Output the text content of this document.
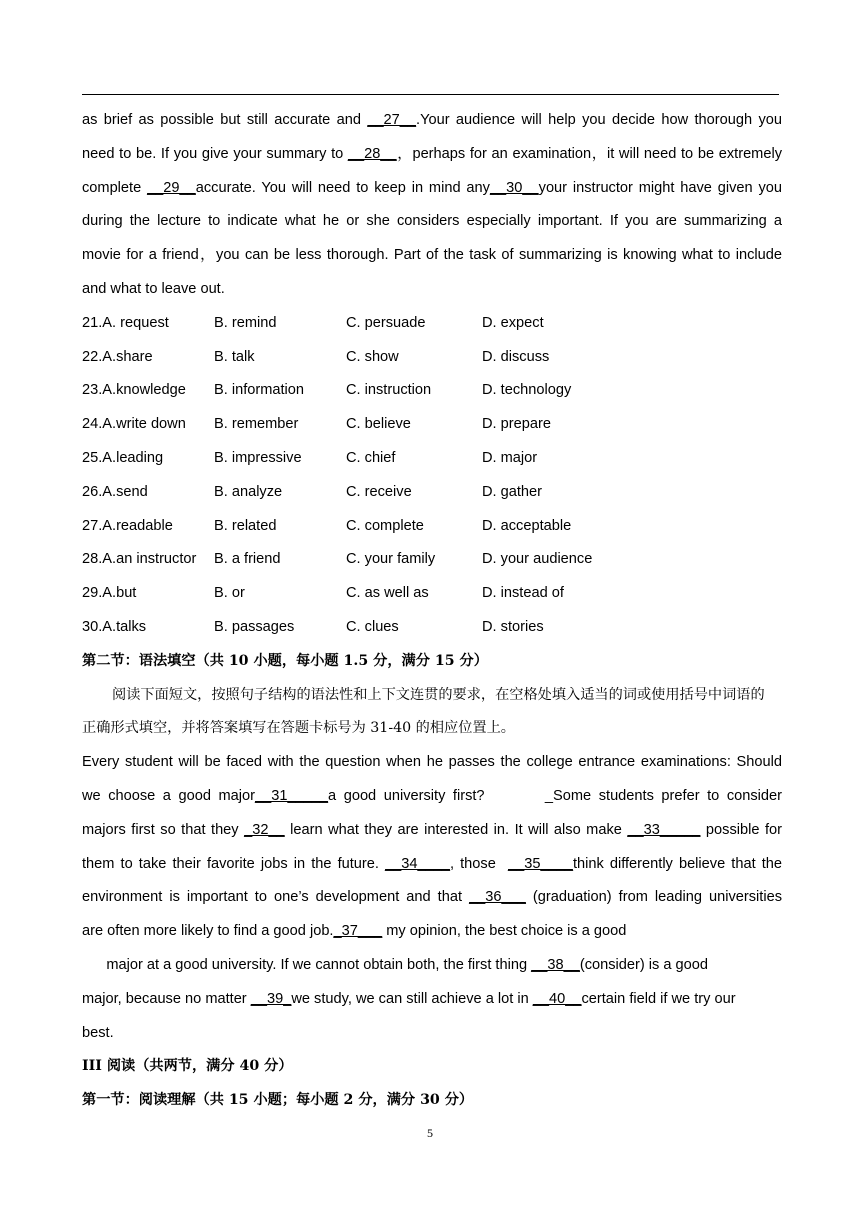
as brief as possible but still accurate and __27__.Your audience will help you decide how thorough you
need to be. If you give your summary to __28__，perhaps for an examination，it will need to be extremely
complete __29__accurate. You will need to keep in mind any__30__your instructor might have given you
during the lecture to indicate what he or she considers especially important. If you are summarizing a
movie for a friend，you can be less thorough. Part of the task of summarizing is knowing what to include
and what to leave out.
21.A. request	B. remind	C. persuade	D. expect
22.A.share	B. talk	C. show	D. discuss
23.A.knowledge B. information	C. instruction	D. technology
24.A.write down B. remember	C. believe	D. prepare
25.A.leading	B. impressive	C. chief	D. major
26.A.send	B. analyze	C. receive	D. gather
27.A.readable	B. related	C. complete	D. acceptable
28.A.an instructor B. a friend	C. your family	D. your audience
29.A.but	B. or	C. as well as	D. instead of
30.A.talks	B. passages	C. clues	D. stories
第二节：语法填空（共 10 小题，每小题 1.5 分，满分 15 分）
阅读下面短文，按照句子结构的语法性和上下文连贯的要求，在空格处填入适当的词或使用括号中词语的
正确形式填空，并将答案填写在答题卡标号为 31-40 的相应位置上。
Every student will be faced with the question when he passes the college entrance examinations: Should
we choose a good major__31_____a good university first?        _Some students prefer to consider
majors first so that they _32__ learn what they are interested in. It will also make __33_____ possible for
them to take their favorite jobs in the future. __34____, those  __35____think differently believe that the
environment is important to one’s development and that __36___ (graduation) from leading universities
are often more likely to find a good job._37___ my opinion, the best choice is a good
major at a good university. If we cannot obtain both, the first thing __38__(consider) is a good
major, because no matter __39_we study, we can still achieve a lot in __40__certain field if we try our
best.
III 阅读（共两节，满分 40 分）
第一节：阅读理解（共 15 小题；每小题 2 分，满分 30 分）
5
